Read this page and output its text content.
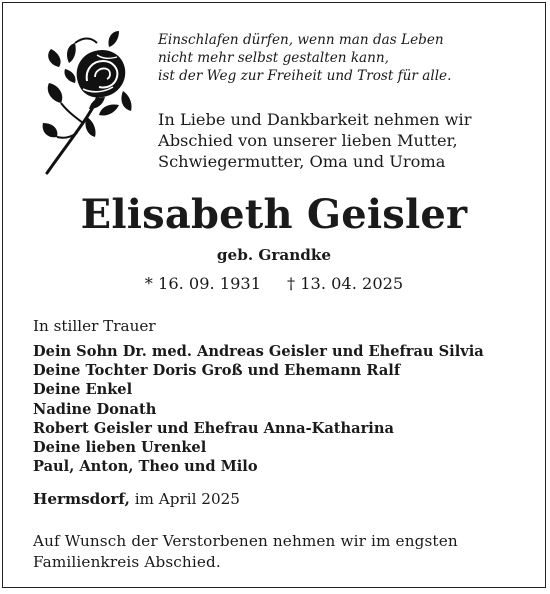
Einschlafen dürfen, wenn man das Leben
nicht mehr selbst gestalten kann,
ist der Weg zur Freiheit und Trost für alle.
In Liebe und Dankbarkeit nehmen wir
Abschied von unserer lieben Mutter,
Schwiegermutter, Oma und Uroma
Elisabeth Geisler
geb. Grandke
* 16. 09. 1931 † 13. 04. 2025
In stiller Trauer
Dein Sohn Dr. med. Andreas Geisler und Ehefrau Silvia
Deine Tochter Doris Groß und Ehemann Ralf
Deine Enkel
Nadine Donath
Robert Geisler und Ehefrau Anna-Katharina
Deine lieben Urenkel
Paul, Anton, Theo und Milo
Hermsdorf, im April 2025
Auf Wunsch der Verstorbenen nehmen wir im engsten
Familienkreis Abschied.
